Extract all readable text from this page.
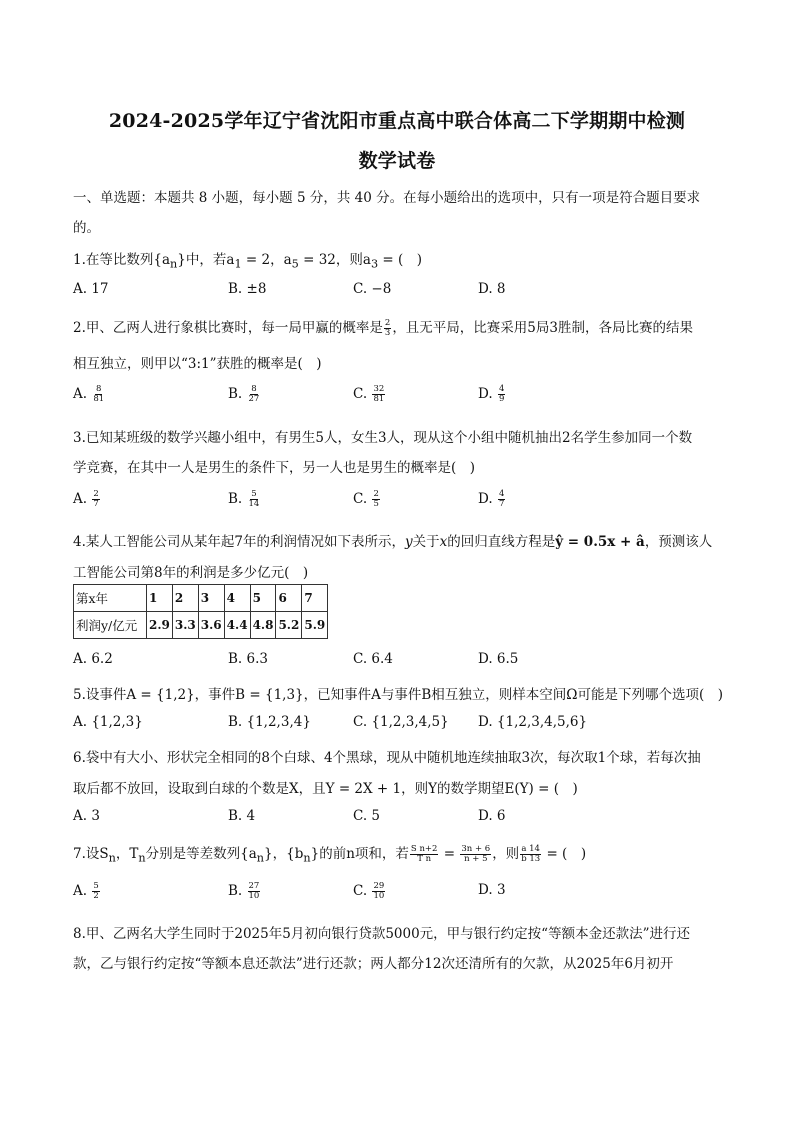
2024-2025学年辽宁省沈阳市重点高中联合体高二下学期期中检测
数学试卷
一、单选题：本题共 8 小题，每小题 5 分，共 40 分。在每小题给出的选项中，只有一项是符合题目要求
的。
1.在等比数列$\{a_n\}$中，若$a_1 = 2$，$a_5 = 32$，则$a_3$ = (　)
A. 17	B. ±8	C. −8	D. 8
2.甲、乙两人进行象棋比赛时，每一局甲赢的概率是 $\frac{2}{3}$ ，且无平局，比赛采用5局3胜制，各局比赛的结果
相互独立，则甲以“3:1”获胜的概率是(　)
A. $\frac{8}{81}$	B. $\frac{8}{27}$	C. $\frac{32}{81}$	D. $\frac{4}{9}$
3.已知某班级的数学兴趣小组中，有男生5人，女生3人，现从这个小组中随机抽出2名学生参加同一个数
学竞赛，在其中一人是男生的条件下，另一人也是男生的概率是(　)
A. $\frac{2}{7}$	B. $\frac{5}{14}$	C. $\frac{2}{5}$	D. $\frac{4}{7}$
4.某人工智能公司从某年起7年的利润情况如下表所示，y关于x的回归直线方程是ŷ = 0.5x + â，预测该人
工智能公司第8年的利润是多少亿元(　)
第x年	1	2	3	4	5	6	7
利润y/亿元	2.9	3.3	3.6	4.4	4.8	5.2	5.9
A. 6.2	B. 6.3	C. 6.4	D. 6.5
5.设事件A = {1,2}，事件B = {1,3}，已知事件A与事件B相互独立，则样本空间Ω可能是下列哪个选项(　)
A. {1,2,3}	B. {1,2,3,4}	C. {1,2,3,4,5} D. {1,2,3,4,5,6}
6.袋中有大小、形状完全相同的8个白球、4个黑球，现从中随机地连续抽取3次，每次取1个球，若每次抽
取后都不放回，设取到白球的个数是X，且Y = 2X + 1，则Y的数学期望E(Y) = (　)
A. 3	B. 4	C. 5	D. 6
7.设$S_n$，$T_n$分别是等差数列$\{a_n\}$，$\{b_n\}$的前n项和，若 $\frac{\text{S n+2}}{\text{T n}} = \frac{3n + 6}{n + 5}$ ，则 $\frac{a 14}{b 13}$ = (　)
A. $\frac{5}{2}$	B. $\frac{27}{10}$	C. $\frac{29}{10}$	D. 3
8.甲、乙两名大学生同时于2025年5月初向银行贷款5000元，甲与银行约定按“等额本金还款法”进行还
款，乙与银行约定按“等额本息还款法”进行还款；两人都分12次还清所有的欠款，从2025年6月初开
